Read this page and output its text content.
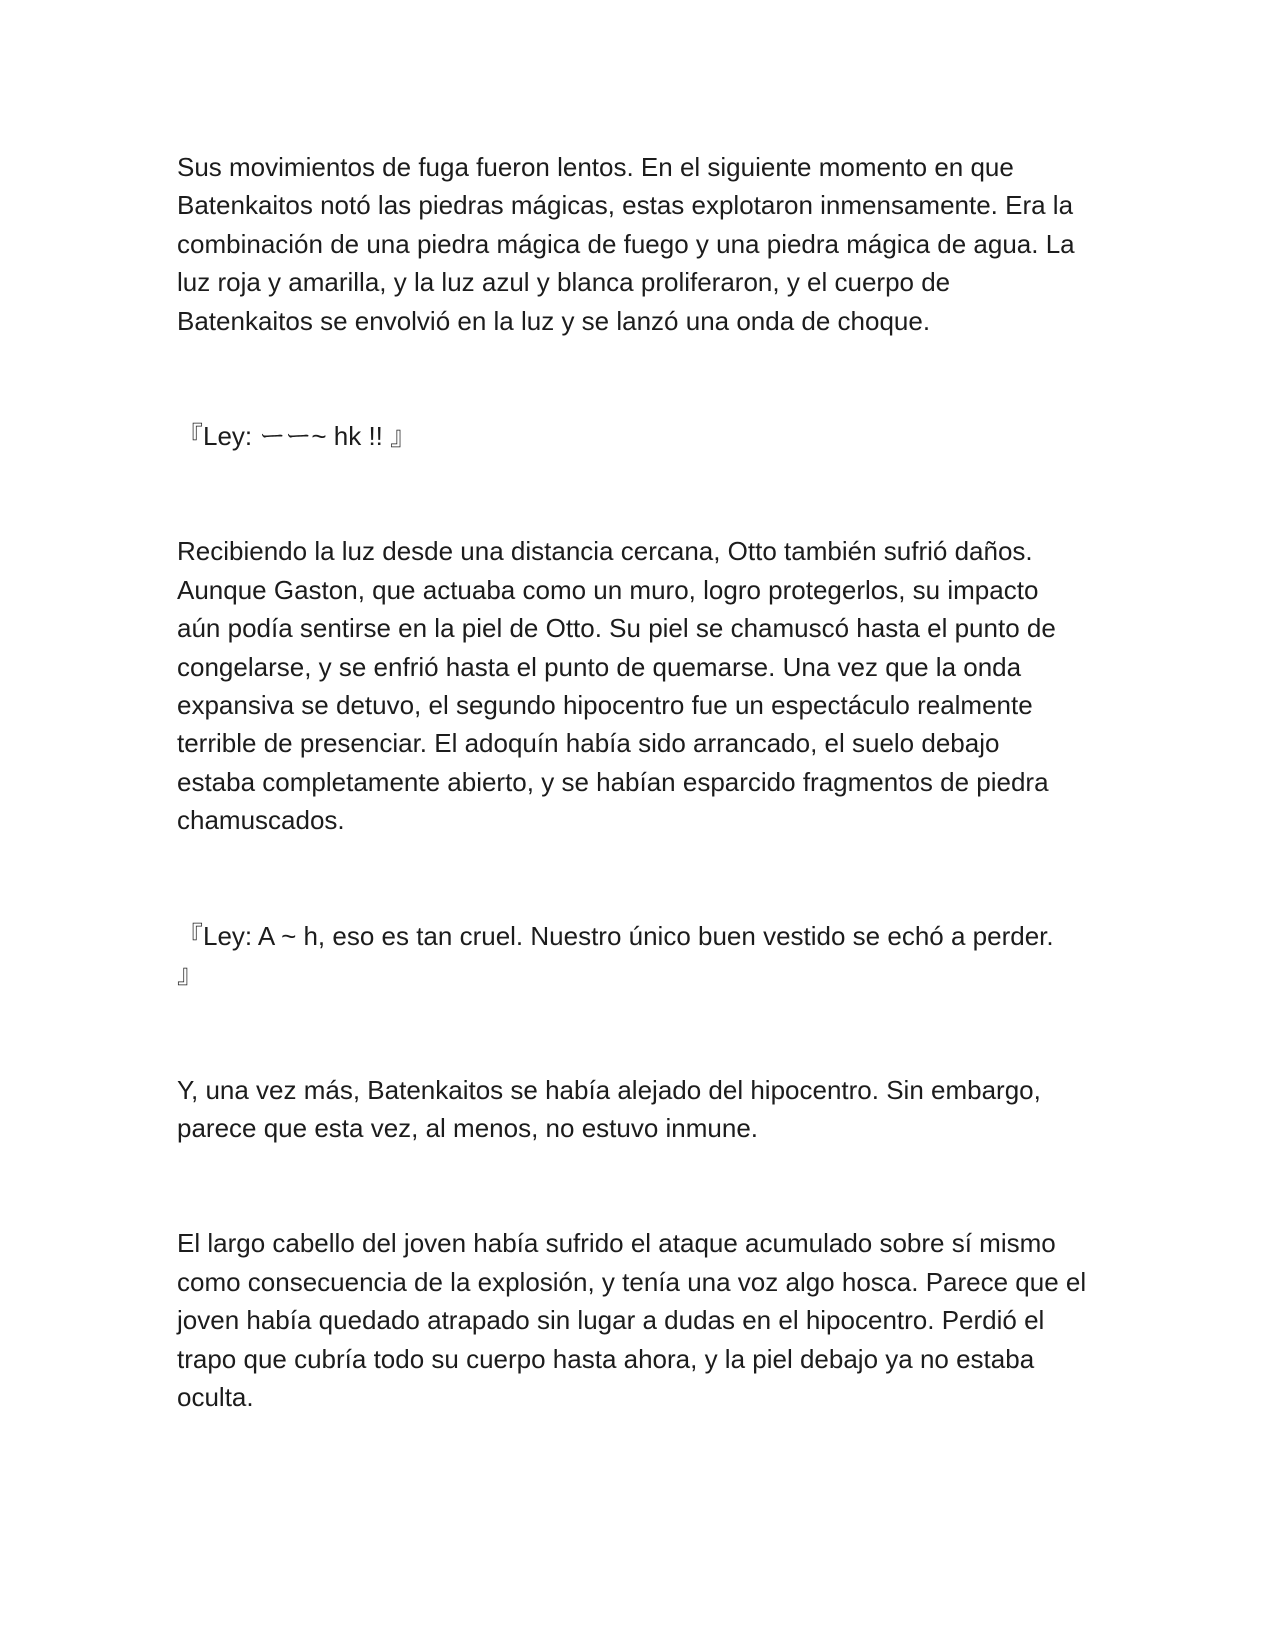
Sus movimientos de fuga fueron lentos. En el siguiente momento en que
Batenkaitos notó las piedras mágicas, estas explotaron inmensamente. Era la
combinación de una piedra mágica de fuego y una piedra mágica de agua. La
luz roja y amarilla, y la luz azul y blanca proliferaron, y el cuerpo de
Batenkaitos se envolvió en la luz y se lanzó una onda de choque.

『Ley: ーー~ hk !! 』

Recibiendo la luz desde una distancia cercana, Otto también sufrió daños.
Aunque Gaston, que actuaba como un muro, logro protegerlos, su impacto
aún podía sentirse en la piel de Otto. Su piel se chamuscó hasta el punto de
congelarse, y se enfrió hasta el punto de quemarse. Una vez que la onda
expansiva se detuvo, el segundo hipocentro fue un espectáculo realmente
terrible de presenciar. El adoquín había sido arrancado, el suelo debajo
estaba completamente abierto, y se habían esparcido fragmentos de piedra
chamuscados.

『Ley: A ~ h, eso es tan cruel. Nuestro único buen vestido se echó a perder.
』

Y, una vez más, Batenkaitos se había alejado del hipocentro. Sin embargo,
parece que esta vez, al menos, no estuvo inmune.

El largo cabello del joven había sufrido el ataque acumulado sobre sí mismo
como consecuencia de la explosión, y tenía una voz algo hosca. Parece que el
joven había quedado atrapado sin lugar a dudas en el hipocentro. Perdió el
trapo que cubría todo su cuerpo hasta ahora, y la piel debajo ya no estaba
oculta.
